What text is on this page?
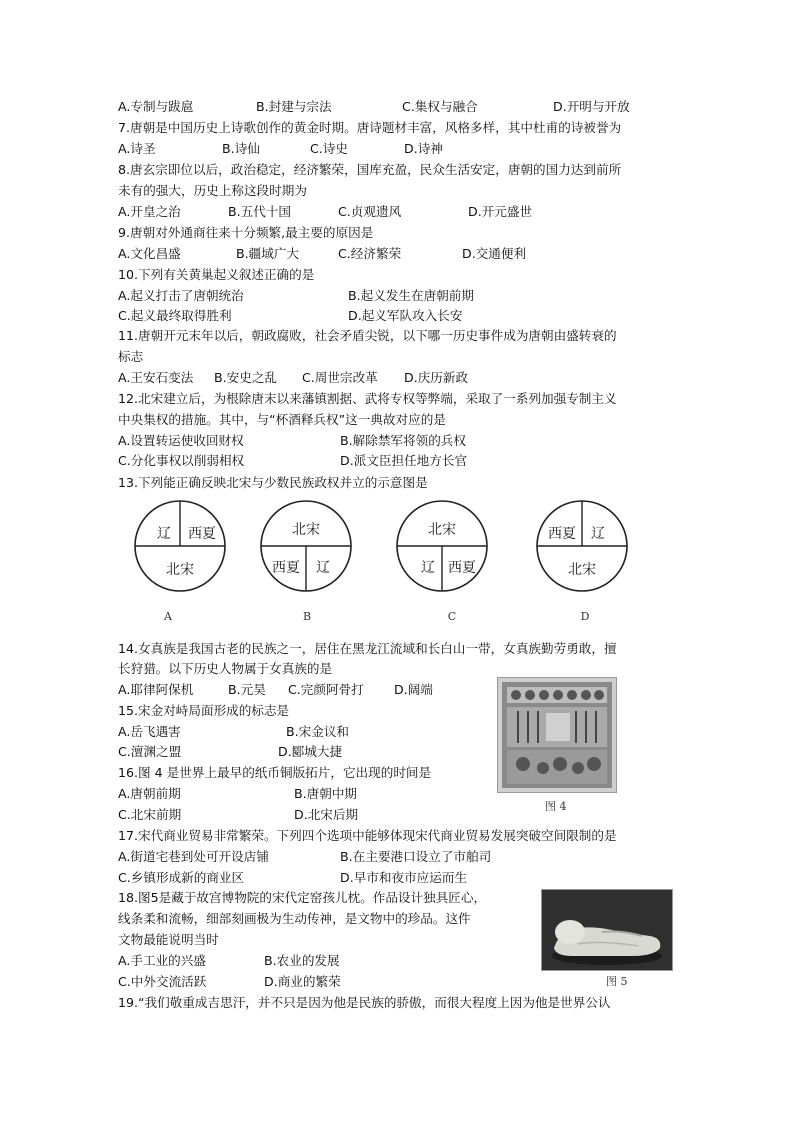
A.专制与跋扈	B.封建与宗法	C.集权与融合	D.开明与开放
7.唐朝是中国历史上诗歌创作的黄金时期。唐诗题材丰富，风格多样，其中杜甫的诗被誉为
A.诗圣	B.诗仙	C.诗史	D.诗神
8.唐玄宗即位以后，政治稳定，经济繁荣，国库充盈，民众生活安定，唐朝的国力达到前所
未有的强大，历史上称这段时期为
A.开皇之治	B.五代十国	C.贞观遗风	D.开元盛世
9.唐朝对外通商往来十分频繁,最主要的原因是
A.文化昌盛	B.疆域广大	C.经济繁荣	D.交通便利
10.下列有关黄巢起义叙述正确的是
A.起义打击了唐朝统治	B.起义发生在唐朝前期
C.起义最终取得胜利	D.起义军队攻入长安
11.唐朝开元末年以后，朝政腐败，社会矛盾尖锐，以下哪一历史事件成为唐朝由盛转衰的
标志
A.王安石变法 B.安史之乱 C.周世宗改革 D.庆历新政
12.北宋建立后，为根除唐末以来藩镇割据、武将专权等弊端，采取了一系列加强专制主义
中央集权的措施。其中，与“杯酒释兵权”这一典故对应的是
A.设置转运使收回财权	B.解除禁军将领的兵权
C.分化事权以削弱相权	D.派文臣担任地方长官
13.下列能正确反映北宋与少数民族政权并立的示意图是
辽 西夏
北宋
A
北宋
西夏 辽
B
北宋
辽 西夏
C
西夏 辽
北宋
D
14.女真族是我国古老的民族之一，居住在黑龙江流域和长白山一带，女真族勤劳勇敢，擅
长狩猎。以下历史人物属于女真族的是
A.耶律阿保机	B.元昊 C.完颜阿骨打 D.阔端
图 4
15.宋金对峙局面形成的标志是
A.岳飞遇害	B.宋金议和
C.澶渊之盟	D.郾城大捷
16.图 4 是世界上最早的纸币铜版拓片，它出现的时间是
A.唐朝前期	B.唐朝中期
C.北宋前期	D.北宋后期
17.宋代商业贸易非常繁荣。下列四个选项中能够体现宋代商业贸易发展突破空间限制的是
A.街道宅巷到处可开设店铺	B.在主要港口设立了市舶司
C.乡镇形成新的商业区	D.早市和夜市应运而生
18.图5是藏于故宫博物院的宋代定窑孩儿枕。作品设计独具匠心，
线条柔和流畅，细部刻画极为生动传神，是文物中的珍品。这件
文物最能说明当时
A.手工业的兴盛	B.农业的发展
C.中外交流活跃	D.商业的繁荣	图 5
19.“我们敬重成吉思汗，并不只是因为他是民族的骄傲，而很大程度上因为他是世界公认
